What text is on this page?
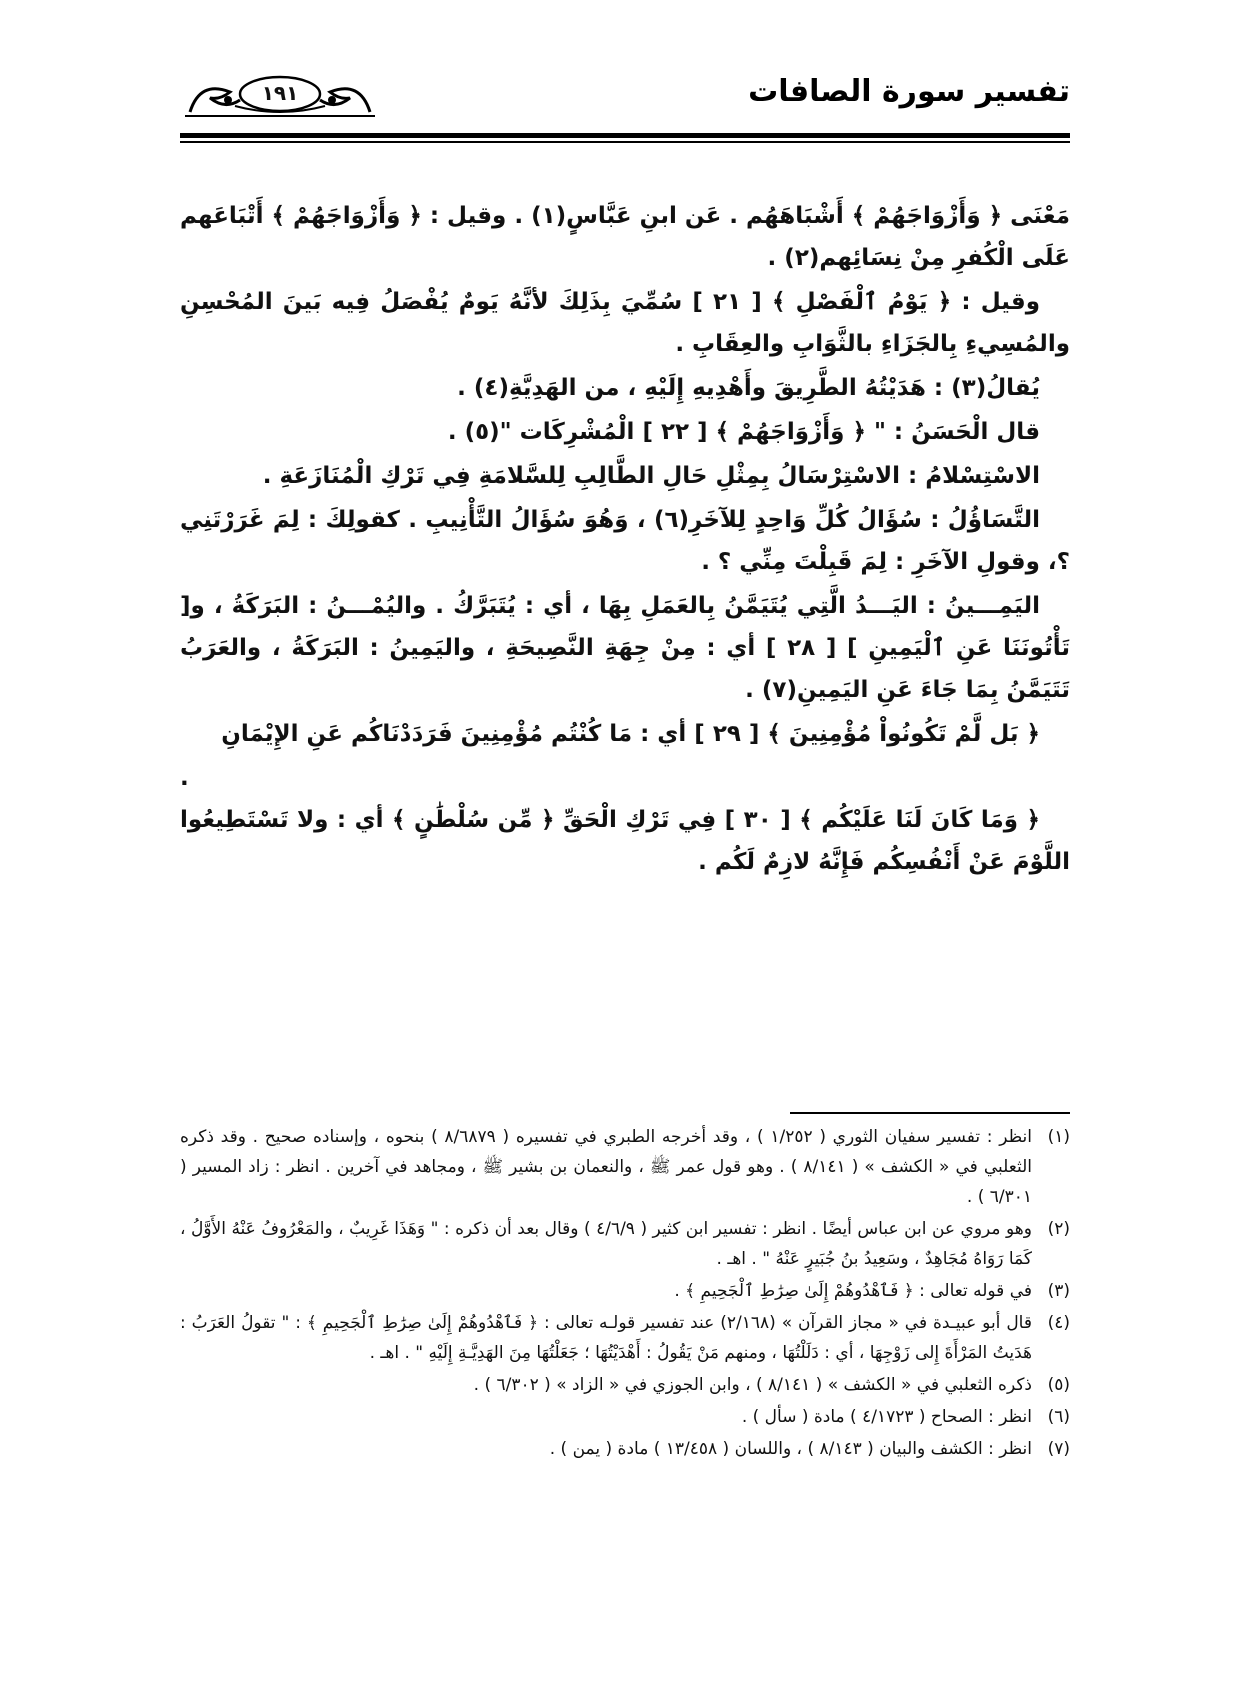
١٩١	تفسير سورة الصافات

مَعْنَى ﴿ وَأَزْوَاجَهُمْ ﴾ أَشْبَاهَهُم . عَن ابنِ عَبَّاسٍ(١) . وقيل : ﴿ وَأَزْوَاجَهُمْ ﴾ أَتْبَاعَهم عَلَى الْكُفرِ مِنْ نِسَائِهم(٢) .

وقيل : ﴿ يَوْمُ ٱلْفَصْلِ ﴾ [ ٢١ ] سُمِّيَ بِذَلِكَ لأنَّهُ يَومٌ يُفْصَلُ فِيه بَينَ المُحْسِنِ والمُسِيءِ بِالجَزَاءِ بالثَّوَابِ والعِقَابِ .

يُقالُ(٣) : هَدَيْتُهُ الطَّرِيقَ وأَهْدِيهِ إِلَيْهِ ، من الهَدِيَّةِ(٤) .

قال الْحَسَنُ : " ﴿ وَأَزْوَاجَهُمْ ﴾ [ ٢٢ ] الْمُشْرِكَات "(٥) .

الاسْتِسْلامُ : الاسْتِرْسَالُ بِمِثْلِ حَالِ الطَّالِبِ لِلسَّلامَةِ فِي تَرْكِ الْمُنَازَعَةِ .

التَّسَاؤُلُ : سُؤَالُ كُلِّ وَاحِدٍ لِلآخَرِ(٦) ، وَهُوَ سُؤَالُ التَّأْنِيبِ . كقولِكَ : لِمَ غَرَرْتَنِي ؟، وقولِ الآخَرِ : لِمَ قَبِلْتَ مِنِّي ؟ .

اليَمِـــينُ : اليَـــدُ الَّتِي يُتَيَمَّنُ بِالعَمَلِ بِهَا ، أي : يُتَبَرَّكُ . واليُمْـــنُ : البَرَكَةُ ، و[ تَأْتُونَنَا عَنِ ٱلْيَمِينِ ] [ ٢٨ ] أي : مِنْ جِهَةِ النَّصِيحَةِ ، واليَمِينُ : البَرَكَةُ ، والعَرَبُ تَتَيَمَّنُ بِمَا جَاءَ عَنِ اليَمِينِ(٧) .

﴿ بَل لَّمْ تَكُونُواْ مُؤْمِنِينَ ﴾ [ ٢٩ ] أي : مَا كُنْتُم مُؤْمِنِينَ فَرَدَدْنَاكُم عَنِ الإِيْمَانِ

.

﴿ وَمَا كَانَ لَنَا عَلَيْكُم ﴾ [ ٣٠ ] فِي تَرْكِ الْحَقِّ ﴿ مِّن سُلْطَٰنٍ ﴾ أي : ولا تَسْتَطِيعُوا اللَّوْمَ عَنْ أَنْفُسِكُم فَإِنَّهُ لازِمٌ لَكُم .

(١)
انظر : تفسير سفيان الثوري ( ١/٢٥٢ ) ، وقد أخرجه الطبري في تفسيره ( ٨/٦٨٧٩ ) بنحوه ، وإسناده صحيح . وقد ذكره الثعلبي في « الكشف » ( ٨/١٤١ ) . وهو قول عمر ﷺ ، والنعمان بن بشير ﷺ ، ومجاهد في آخرين . انظر : زاد المسير ( ٦/٣٠١ ) .
(٢)
وهو مروي عن ابن عباس أيضًا . انظر : تفسير ابن كثير ( ٤/٦/٩ ) وقال بعد أن ذكره : " وَهَذَا غَرِيبٌ ، والمَعْرُوفُ عَنْهُ الأَوَّلُ ، كَمَا رَوَاهُ مُجَاهِدٌ ، وسَعِيدُ بنُ جُبَيرٍ عَنْهُ " . اهـ .
(٣)
في قوله تعالى : ﴿ فَٱهْدُوهُمْ إِلَىٰ صِرَٰطِ ٱلْجَحِيمِ ﴾ .
(٤)
قال أبو عبيـدة في « مجاز القرآن » (٢/١٦٨) عند تفسير قولـه تعالى : ﴿ فَٱهْدُوهُمْ إِلَىٰ صِرَٰطِ ٱلْجَحِيمِ ﴾ : " تقولُ العَرَبُ : هَدَيتُ المَرْأَةَ إِلى زَوْجِهَا ، أي : دَلَلْتُهَا ، ومنهم مَنْ يَقُولُ : أَهْدَيْتُهَا ؛ جَعَلْتُهَا مِنَ الهَدِيَّـةِ إِلَيْهِ " . اهـ .
(٥)
ذكره الثعلبي في « الكشف » ( ٨/١٤١ ) ، وابن الجوزي في « الزاد » ( ٦/٣٠٢ ) .
(٦)
انظر : الصحاح ( ٤/١٧٢٣ ) مادة ( سأل ) .
(٧)
انظر : الكشف والبيان ( ٨/١٤٣ ) ، واللسان ( ١٣/٤٥٨ ) مادة ( يمن ) .
